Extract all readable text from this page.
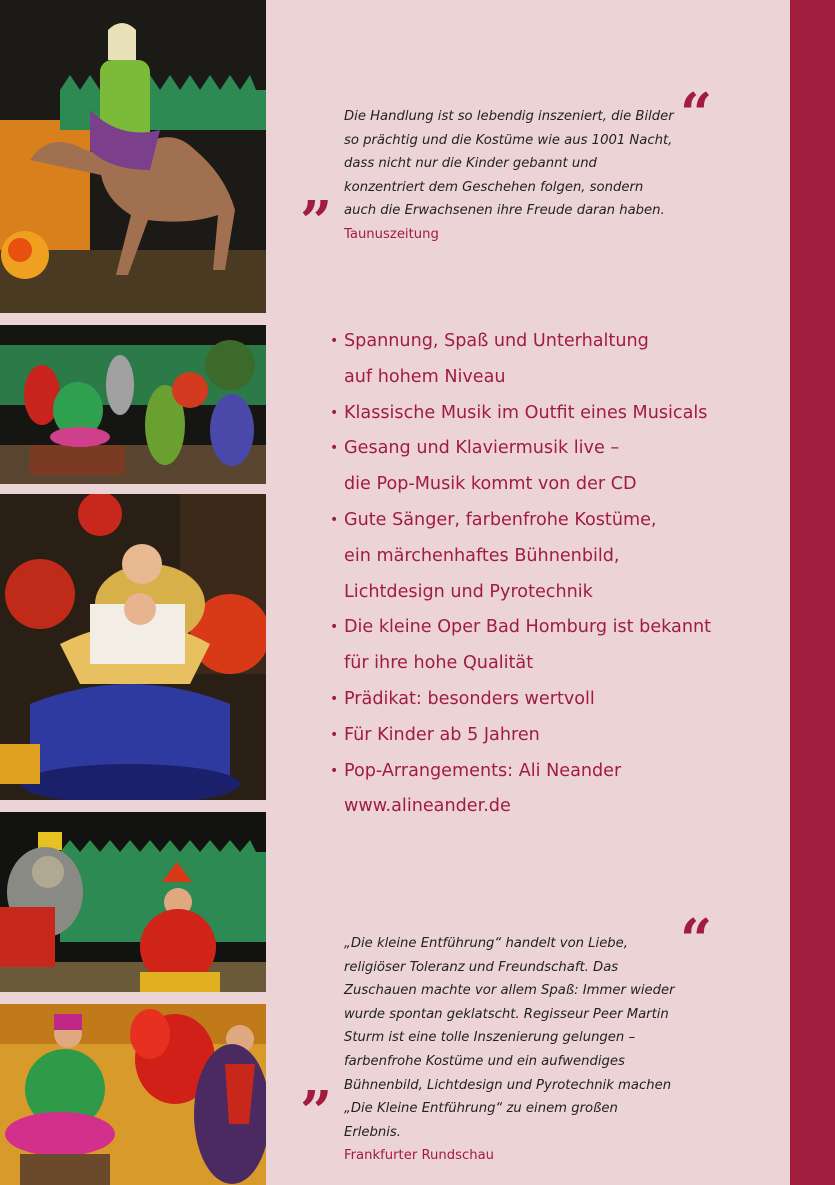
“
Die Handlung ist so lebendig inszeniert, die Bilder so prächtig und die Kostüme wie aus 1001 Nacht, dass nicht nur die Kinder gebannt und konzentriert dem Geschehen folgen, sondern auch die Erwachsenen ihre Freude daran haben. Taunuszeitung
”
• Spannung, Spaß und Unterhaltung
auf hohem Niveau
• Klassische Musik im Outfit eines Musicals
• Gesang und Klaviermusik live –
die Pop-Musik kommt von der CD
• Gute Sänger, farbenfrohe Kostüme,
ein märchenhaftes Bühnenbild,
Lichtdesign und Pyrotechnik
• Die kleine Oper Bad Homburg ist bekannt
für ihre hohe Qualität
• Prädikat: besonders wertvoll
• Für Kinder ab 5 Jahren
• Pop-Arrangements: Ali Neander
www.alineander.de
“
„Die kleine Entführung“ handelt von Liebe, religiöser Toleranz und Freundschaft. Das Zuschauen machte vor allem Spaß: Immer wieder wurde spontan geklatscht. Regisseur Peer Martin Sturm ist eine tolle Inszenierung gelungen – farbenfrohe Kostüme und ein aufwendiges Bühnenbild, Lichtdesign und Pyrotechnik machen „Die Kleine Entführung“ zu einem großen Erlebnis.
Frankfurter Rundschau
”
